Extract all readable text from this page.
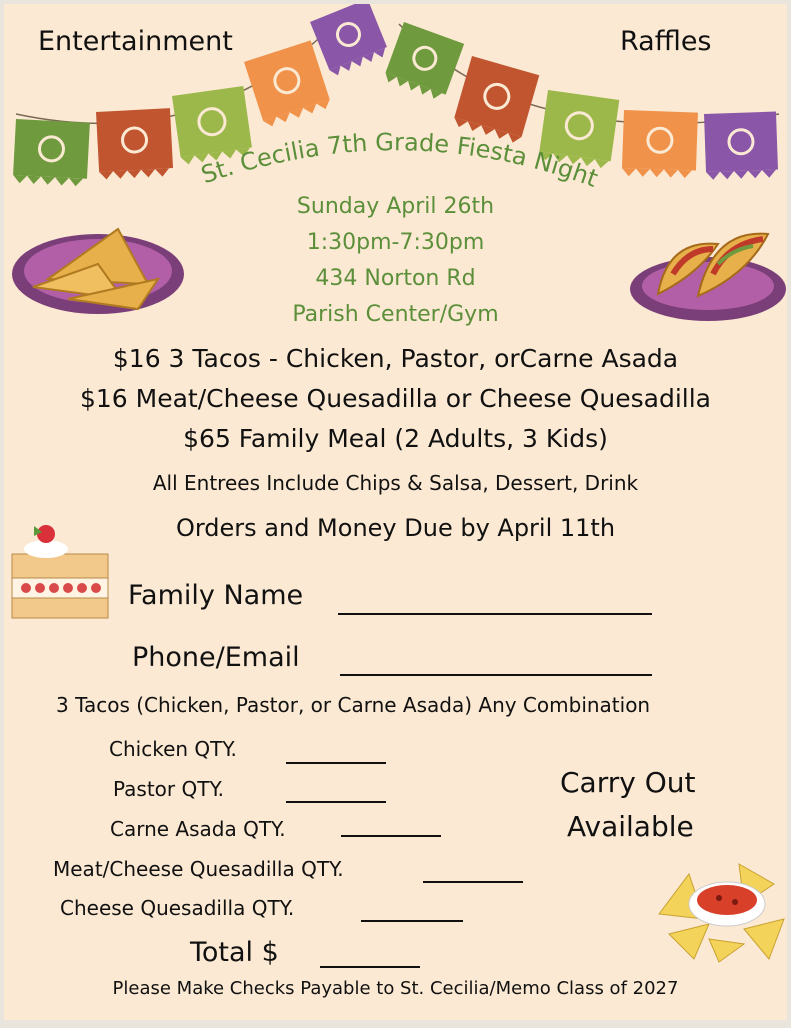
Entertainment	Raffles
St. Cecilia 7th Grade Fiesta Night
Sunday April 26th
1:30pm-7:30pm
434 Norton Rd
Parish Center/Gym
$16 3 Tacos - Chicken, Pastor, orCarne Asada
$16 Meat/Cheese Quesadilla or Cheese Quesadilla
$65 Family Meal (2 Adults, 3 Kids)
All Entrees Include Chips & Salsa, Dessert, Drink
Orders and Money Due by April 11th
Family Name
Phone/Email
3 Tacos (Chicken, Pastor, or Carne Asada) Any Combination
Chicken QTY.
Pastor QTY.
Carne Asada QTY.
Meat/Cheese Quesadilla QTY.
Cheese Quesadilla QTY.
Total $
Carry Out
Available
Please Make Checks Payable to St. Cecilia/Memo Class of 2027
